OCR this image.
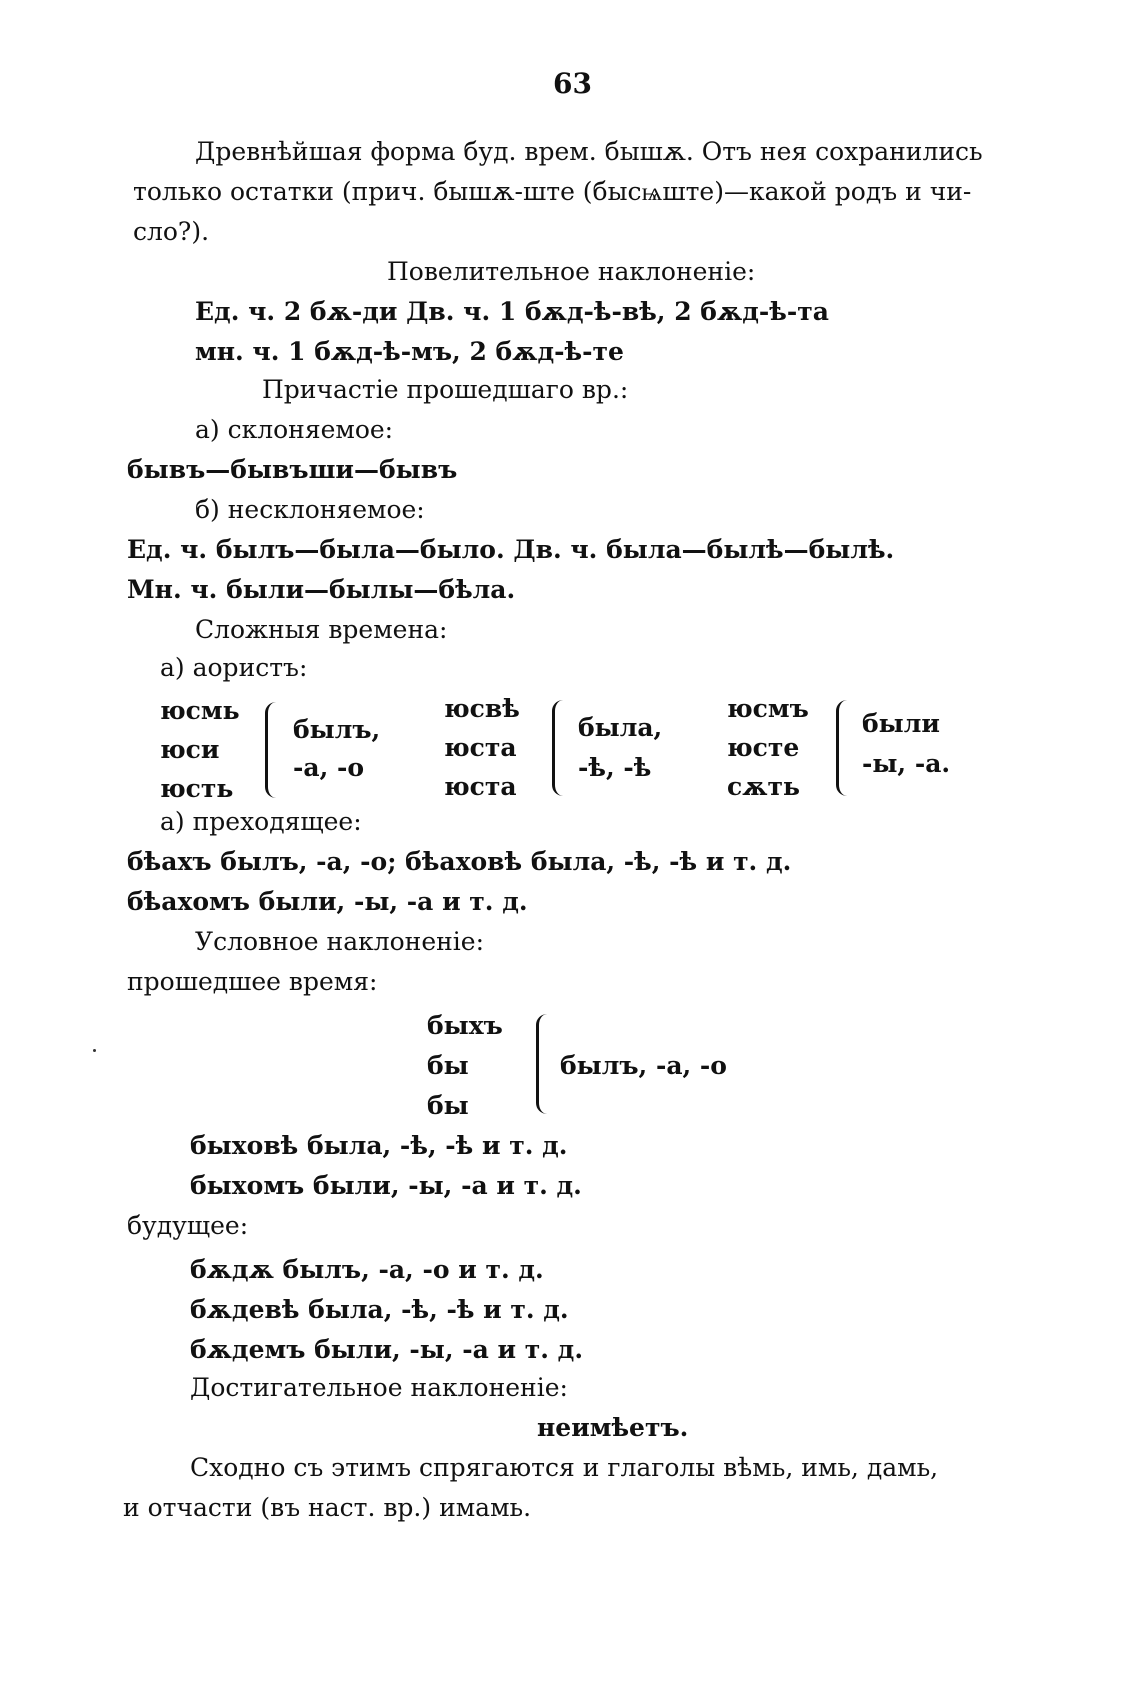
63
Древнѣйшая форма буд. врем. бышѫ. Отъ нея сохранились
только остатки (прич. бышѫ-ште (бысѩште)—какой родъ и чи-
сло?).
Повелительное наклоненіе:
Ед. ч. 2 бѫ-ди Дв. ч. 1 бѫд-ѣ-вѣ, 2 бѫд-ѣ-та
мн. ч. 1 бѫд-ѣ-мъ, 2 бѫд-ѣ-те
Причастіе прошедшаго вр.:
а) склоняемое:
бывъ—бывъши—бывъ
б) несклоняемое:
Ед. ч. былъ—была—было. Дв. ч. была—былѣ—былѣ.
Мн. ч. были—былы—бѣла.
Сложныя времена:
а) аористъ:
юсмь
юси
юсть
былъ,
-а, -о
юсвѣ
юста
юста
была,
-ѣ, -ѣ
юсмъ
юсте
сѫть
были
-ы, -а.
а) преходящее:
бѣахъ былъ, -а, -о; бѣаховѣ была, -ѣ, -ѣ и т. д.
бѣахомъ были, -ы, -а и т. д.
Условное наклоненіе:
прошедшее время:
быхъ
бы
бы
былъ, -а, -о
быховѣ была, -ѣ, -ѣ и т. д.
быхомъ были, -ы, -а и т. д.
будущее:
бѫдѫ былъ, -а, -о и т. д.
бѫдевѣ была, -ѣ, -ѣ и т. д.
бѫдемъ были, -ы, -а и т. д.
Достигательное наклоненіе:
неимѣетъ.
Сходно съ этимъ спрягаются и глаголы вѣмь, имь, дамь,
и отчасти (въ наст. вр.) имамь.
